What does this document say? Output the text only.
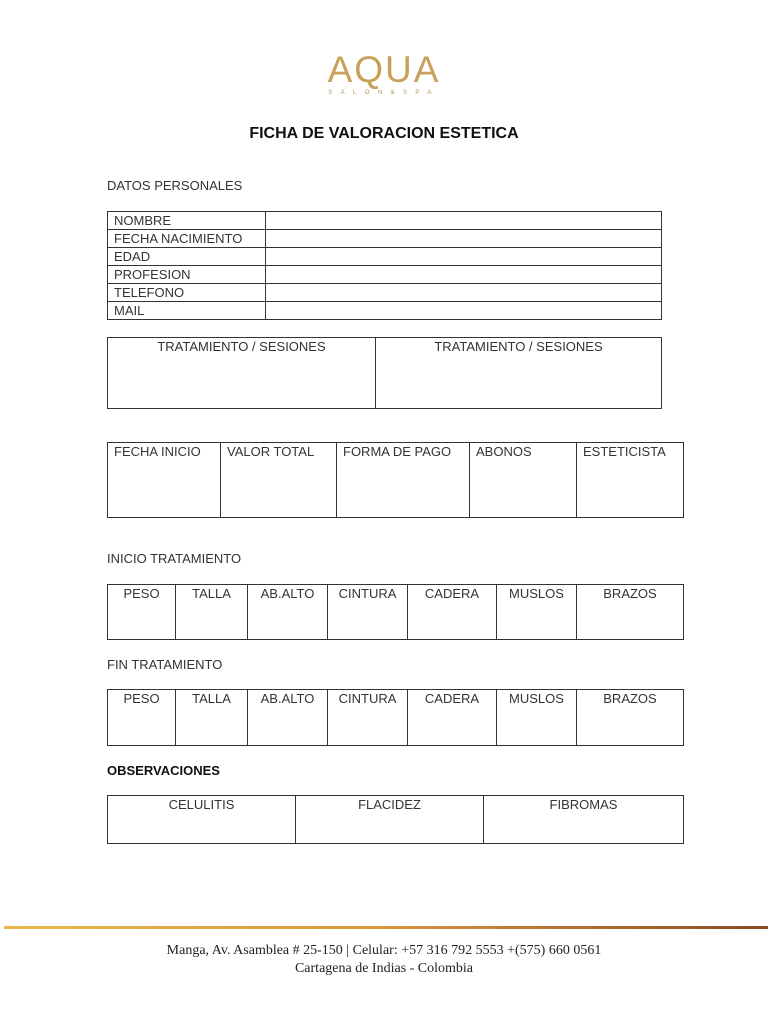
AQUA
SALON&SPA
FICHA DE VALORACION ESTETICA
DATOS PERSONALES
NOMBRE	
FECHA NACIMIENTO	
EDAD	
PROFESION	
TELEFONO	
MAIL	
TRATAMIENTO / SESIONES	TRATAMIENTO / SESIONES
FECHA INICIO	VALOR TOTAL	FORMA DE PAGO	ABONOS	ESTETICISTA
INICIO TRATAMIENTO
PESO	TALLA	AB.ALTO	CINTURA	CADERA	MUSLOS	BRAZOS
FIN TRATAMIENTO
PESO	TALLA	AB.ALTO	CINTURA	CADERA	MUSLOS	BRAZOS
OBSERVACIONES
CELULITIS	FLACIDEZ	FIBROMAS
Manga, Av. Asamblea # 25-150 | Celular: +57 316 792 5553 +(575) 660 0561
Cartagena de Indias - Colombia
